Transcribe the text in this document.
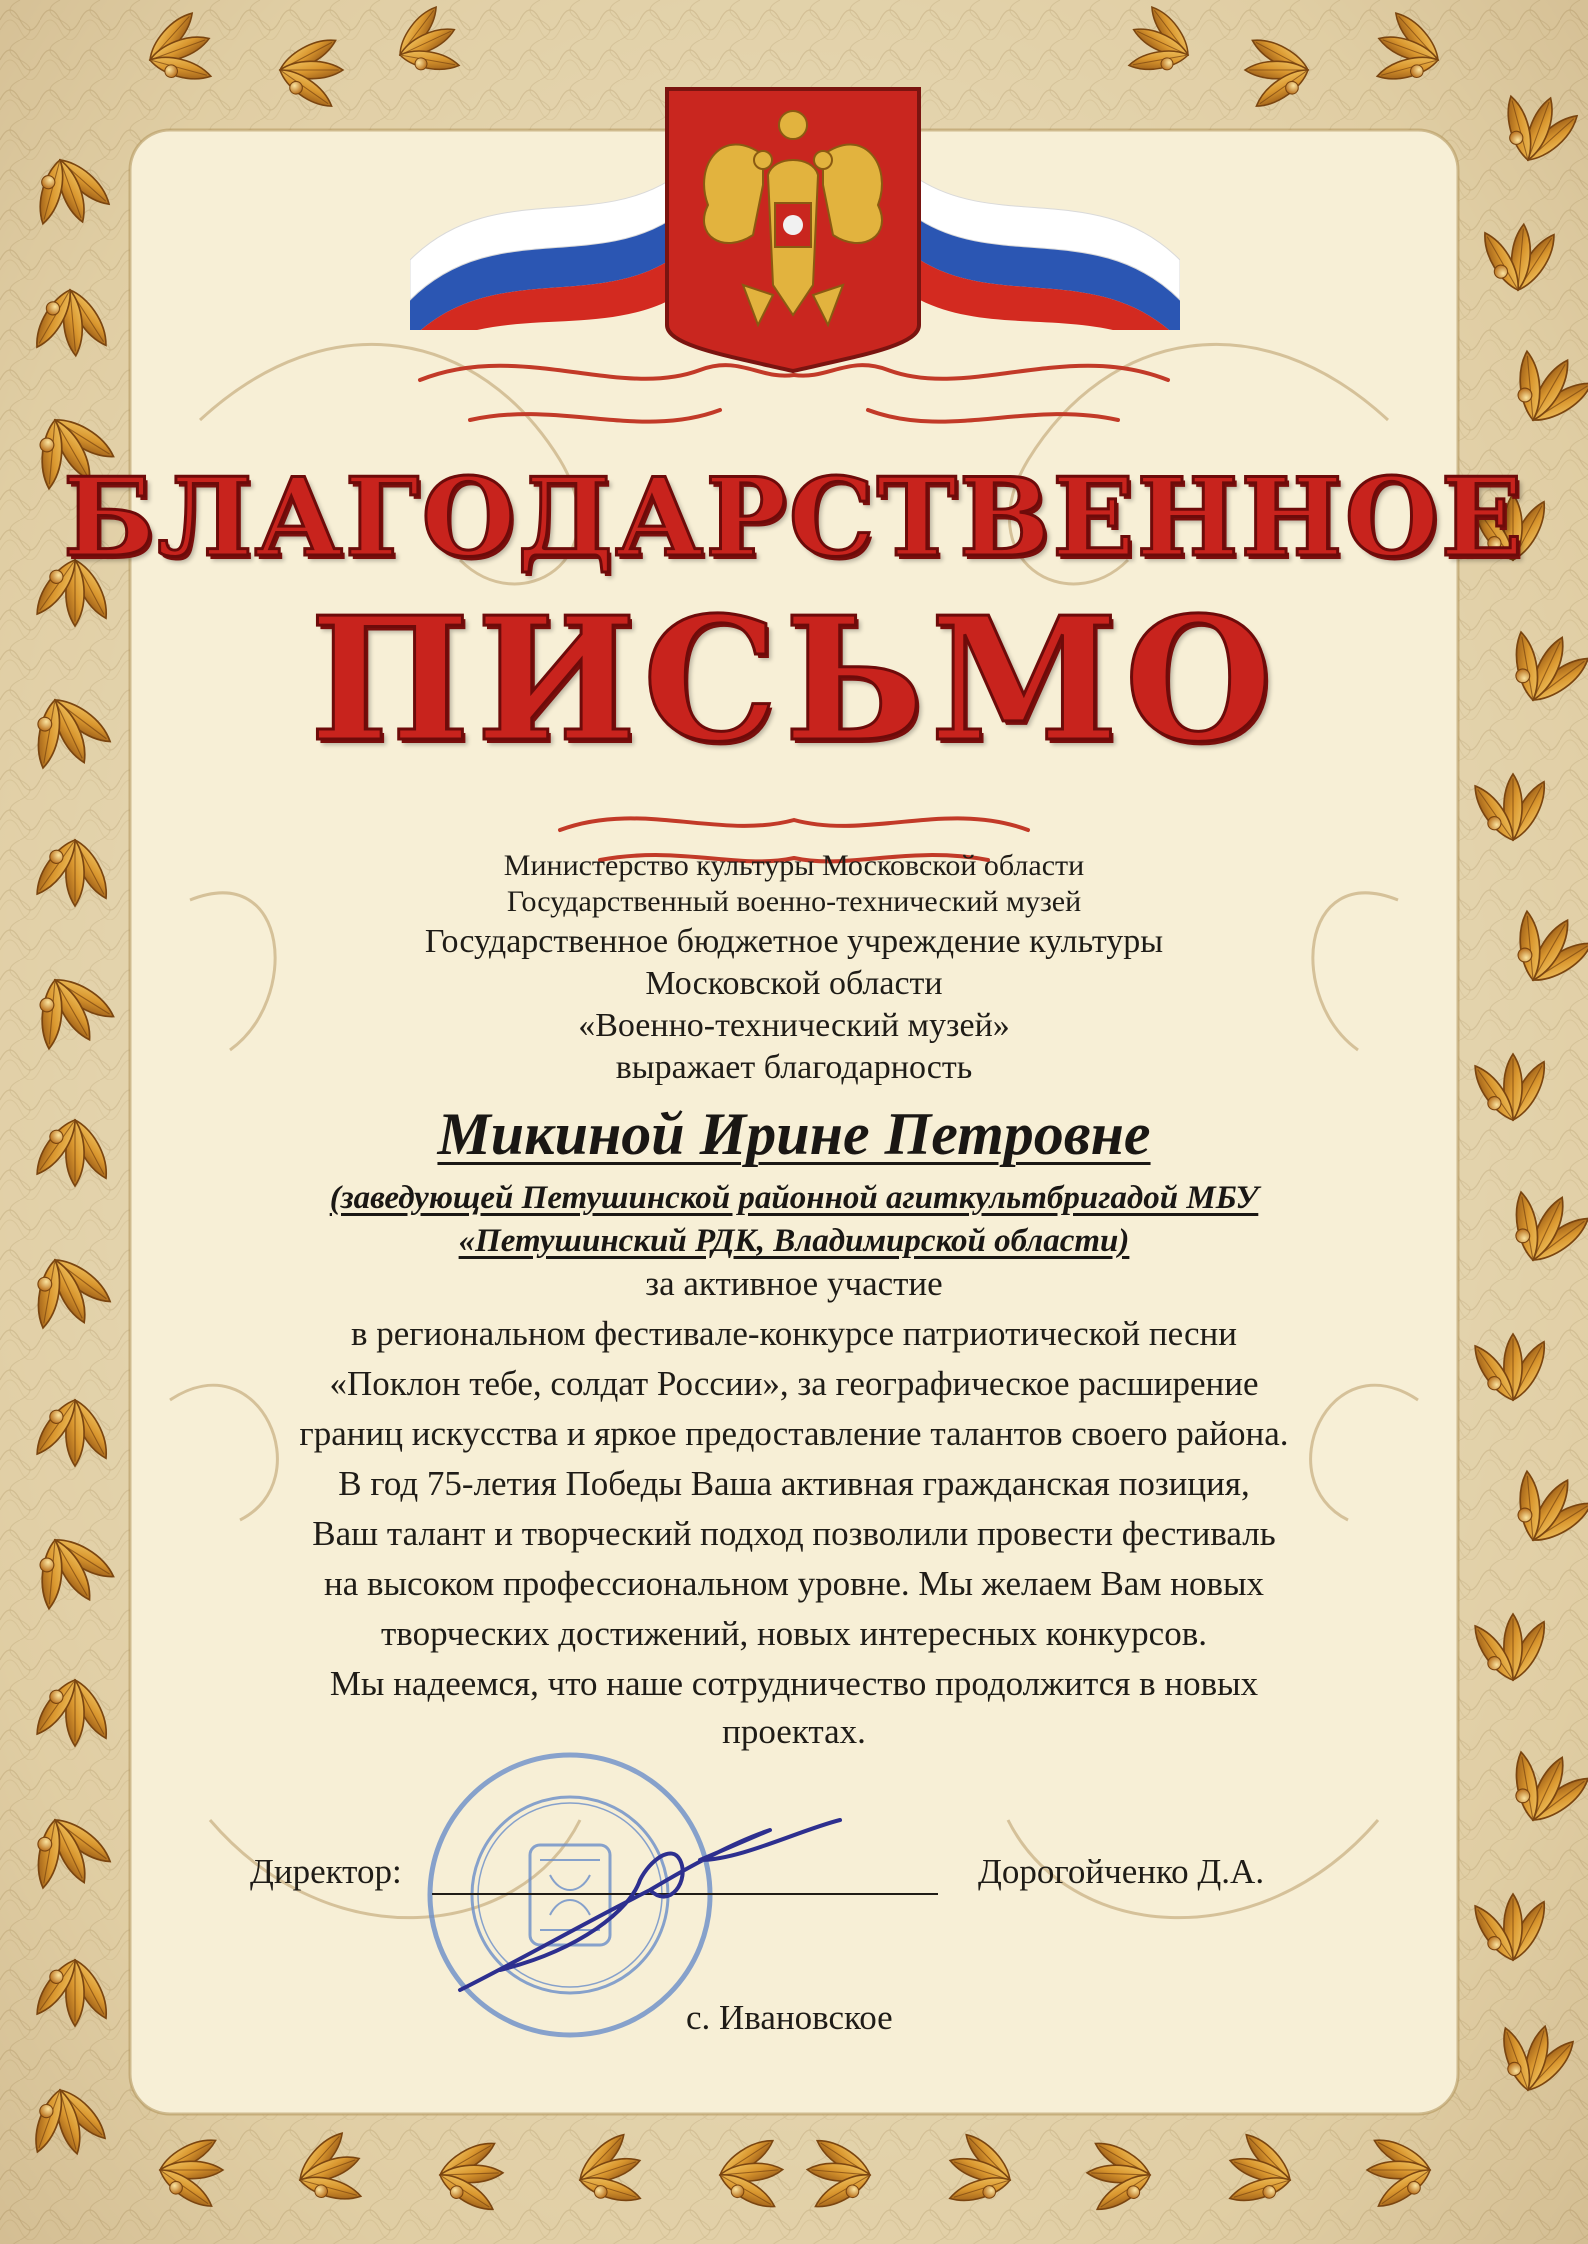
БЛАГОДАРСТВЕННОЕ
ПИСЬМО
Министерство культуры Московской области
Государственный военно-технический музей
Государственное бюджетное учреждение культуры
Московской области
«Военно-технический музей»
выражает благодарность
Микиной Ирине Петровне
(заведующей Петушинской районной агиткультбригадой МБУ
«Петушинский РДК, Владимирской области)
за активное участие
в региональном фестивале-конкурсе патриотической песни
«Поклон тебе, солдат России», за географическое расширение
границ искусства и яркое предоставление талантов своего района.
В год 75-летия Победы Ваша активная гражданская позиция,
Ваш талант и творческий подход позволили провести фестиваль
на высоком профессиональном уровне. Мы желаем Вам новых
творческих достижений, новых интересных конкурсов.
Мы надеемся, что наше сотрудничество продолжится в новых
проектах.
Директор:	Дорогойченко Д.А.
с. Ивановское
